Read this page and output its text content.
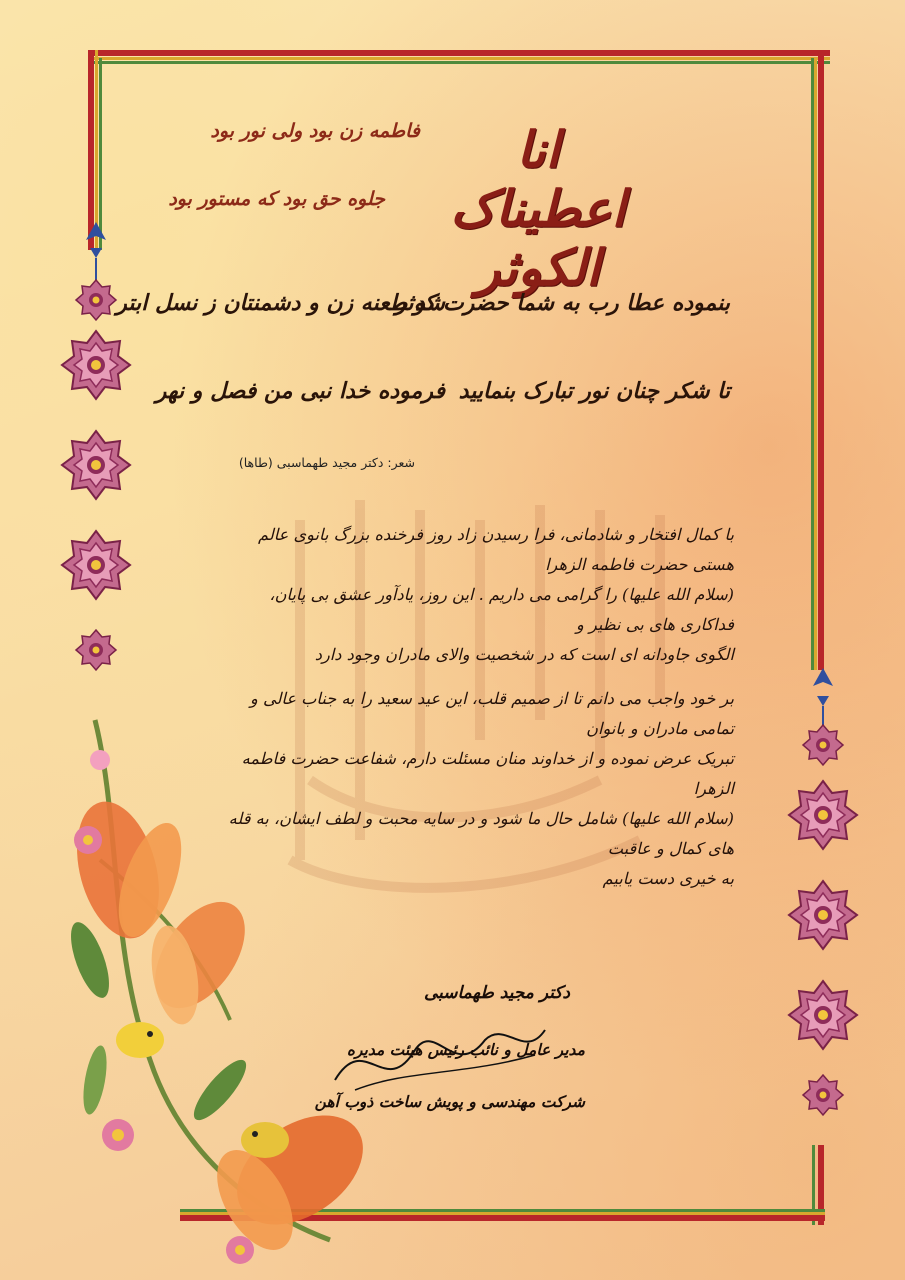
انا اعطیناک الکوثر
فاطمه زن بود ولی نور بود
جلوه حق بود که مستور بود
بنموده عطا رب به شما حضرت کوثر
شد طعنه زن و دشمنتان ز نسل ابتر
تا شکر چنان نور تبارک بنمایید
فرموده خدا نبی من فصل و نهر
شعر: دکتر مجید طهماسبی (طاها)

با کمال افتخار و شادمانی، فرا رسیدن زاد روز فرخنده بزرگ بانوی عالم هستی حضرت فاطمه الزهرا

(سلام الله علیها) را گرامی می داریم . این روز، یادآور عشق بی پایان، فداکاری های بی نظیر و

الگوی جاودانه ای است که در شخصیت والای مادران وجود دارد

بر خود واجب می دانم تا از صمیم قلب، این عید سعید را به جناب عالی و تمامی مادران و بانوان

تبریک عرض نموده و از خداوند منان مسئلت دارم، شفاعت حضرت فاطمه الزهرا

(سلام الله علیها) شامل حال ما شود و در سایه محبت و لطف ایشان، به قله های کمال و عاقبت

به خیری دست یابیم

دکتر مجید طهماسبی
مدیر عامل و نائب رئیس هیئت مدیره
شرکت مهندسی و پویش ساخت ذوب آهن
